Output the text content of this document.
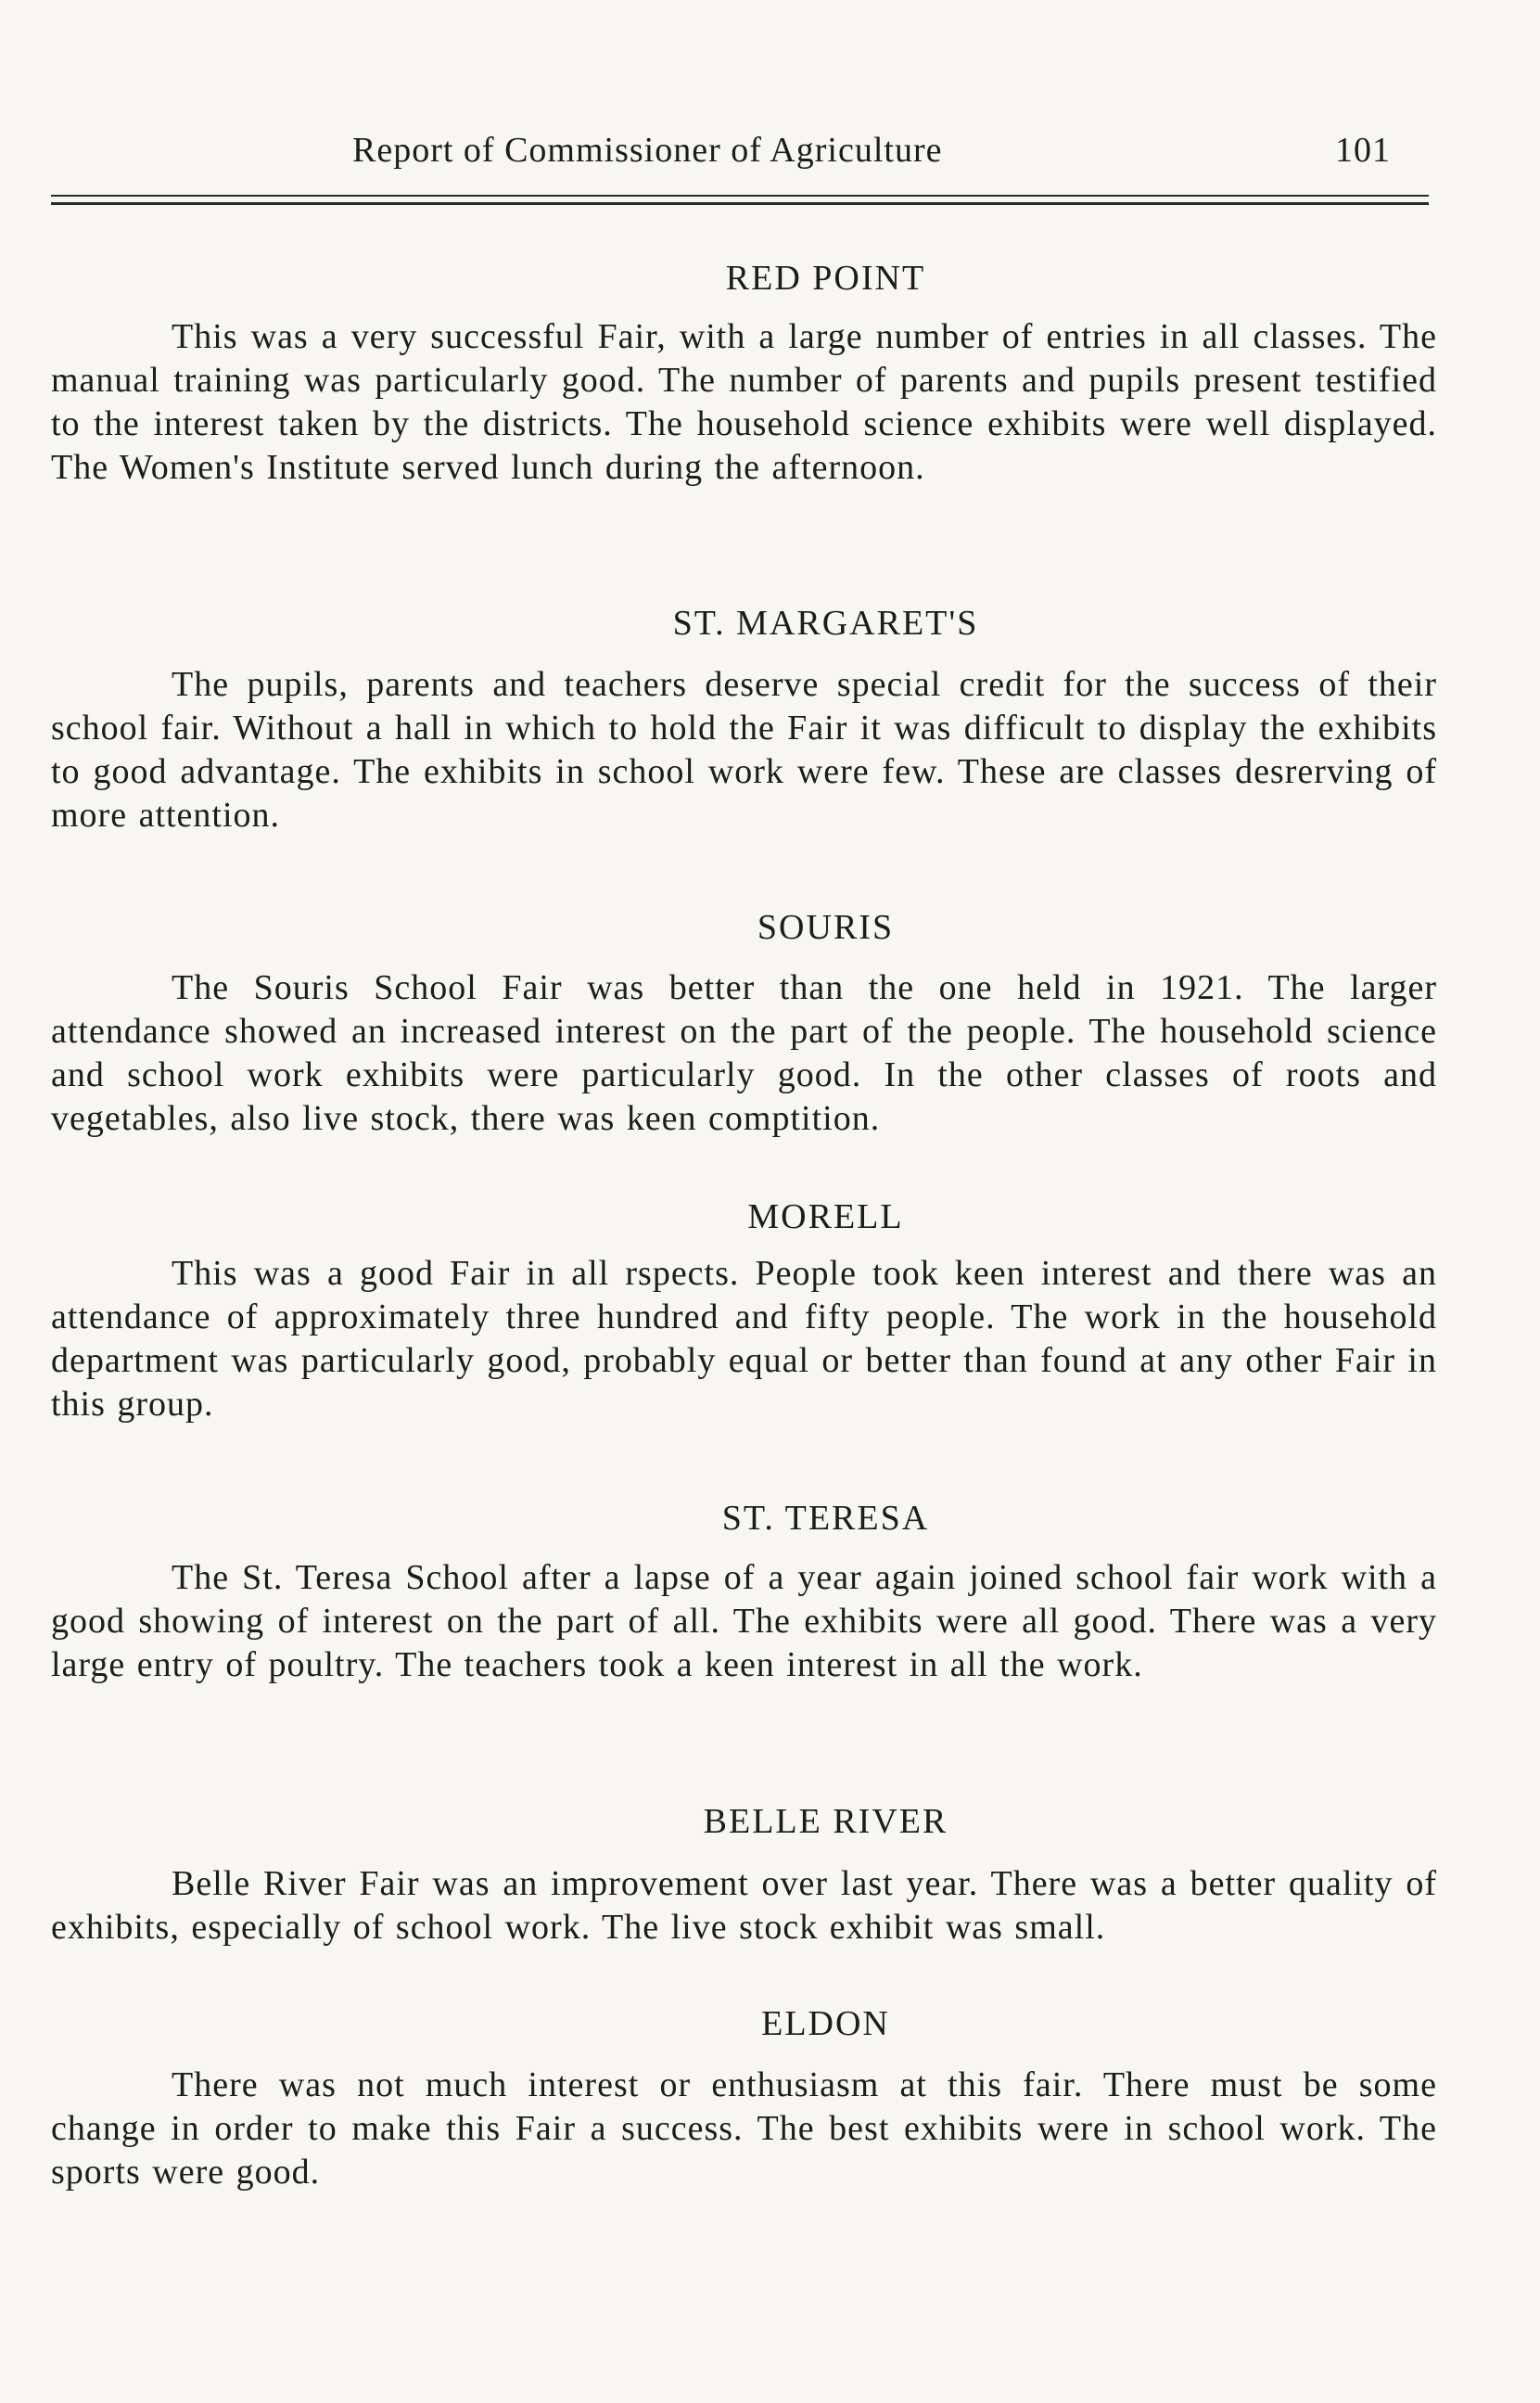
Report of Commissioner of Agriculture	101
RED POINT
This was a very successful Fair, with a large number of entries in all classes. The manual training was particularly good. The number of parents and pupils present testified to the interest taken by the districts. The household science exhibits were well displayed. The Women's Institute served lunch during the afternoon.
ST. MARGARET'S
The pupils, parents and teachers deserve special credit for the success of their school fair. Without a hall in which to hold the Fair it was difficult to display the exhibits to good advantage. The exhibits in school work were few. These are classes desrerving of more attention.
SOURIS
The Souris School Fair was better than the one held in 1921. The larger attendance showed an increased interest on the part of the people. The household science and school work exhibits were particularly good. In the other classes of roots and vegetables, also live stock, there was keen comptition.
MORELL
This was a good Fair in all rspects. People took keen interest and there was an attendance of approximately three hundred and fifty people. The work in the household department was particularly good, probably equal or better than found at any other Fair in this group.
ST. TERESA
The St. Teresa School after a lapse of a year again joined school fair work with a good showing of interest on the part of all. The exhibits were all good. There was a very large entry of poultry. The teachers took a keen interest in all the work.
BELLE RIVER
Belle River Fair was an improvement over last year. There was a better quality of exhibits, especially of school work. The live stock exhibit was small.
ELDON
There was not much interest or enthusiasm at this fair. There must be some change in order to make this Fair a success. The best exhibits were in school work. The sports were good.
